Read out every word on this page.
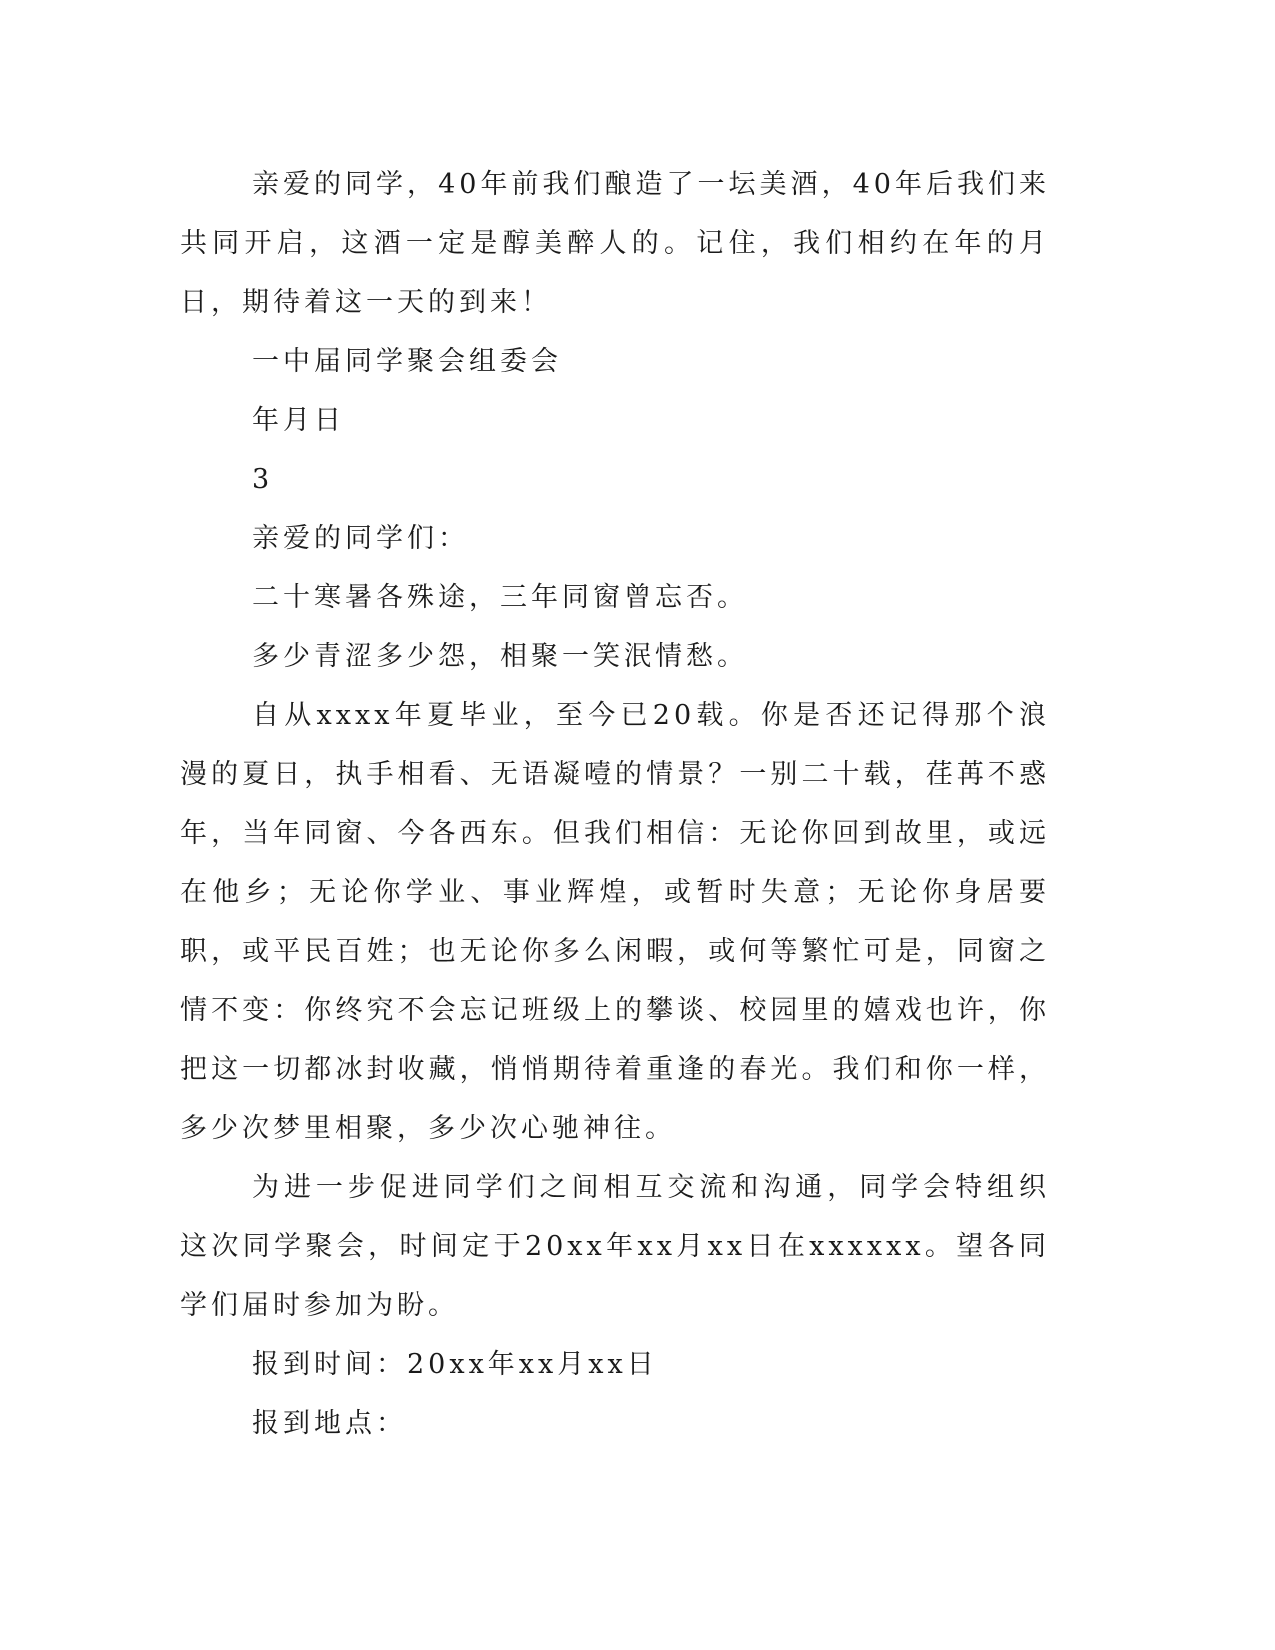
亲爱的同学，40年前我们酿造了一坛美酒，40年后我们来共同开启，这酒一定是醇美醉人的。记住，我们相约在年的月日，期待着这一天的到来！

一中届同学聚会组委会

年月日

3

亲爱的同学们：

二十寒暑各殊途，三年同窗曾忘否。

多少青涩多少怨，相聚一笑泯情愁。

自从xxxx年夏毕业，至今已20载。你是否还记得那个浪漫的夏日，执手相看、无语凝噎的情景？一别二十载，荏苒不惑年，当年同窗、今各西东。但我们相信：无论你回到故里，或远在他乡；无论你学业、事业辉煌，或暂时失意；无论你身居要职，或平民百姓；也无论你多么闲暇，或何等繁忙可是，同窗之情不变：你终究不会忘记班级上的攀谈、校园里的嬉戏也许，你把这一切都冰封收藏，悄悄期待着重逢的春光。我们和你一样，多少次梦里相聚，多少次心驰神往。

为进一步促进同学们之间相互交流和沟通，同学会特组织这次同学聚会，时间定于20xx年xx月xx日在xxxxxx。望各同学们届时参加为盼。

报到时间：20xx年xx月xx日

报到地点：
